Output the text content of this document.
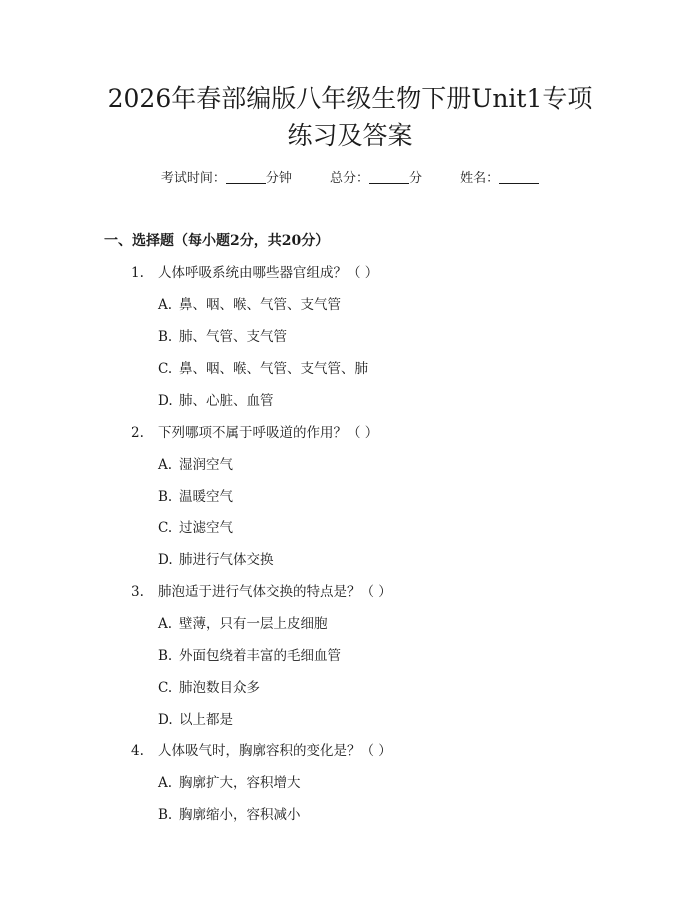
2026年春部编版八年级生物下册Unit1专项
练习及答案
考试时间：	分钟	总分：	分	姓名：
一、选择题（每小题2分，共20分）
1. 人体呼吸系统由哪些器官组成？（ ）
A. 鼻、咽、喉、气管、支气管
B. 肺、气管、支气管
C. 鼻、咽、喉、气管、支气管、肺
D. 肺、心脏、血管
2. 下列哪项不属于呼吸道的作用？（ ）
A. 湿润空气
B. 温暖空气
C. 过滤空气
D. 肺进行气体交换
3. 肺泡适于进行气体交换的特点是？（ ）
A. 壁薄，只有一层上皮细胞
B. 外面包绕着丰富的毛细血管
C. 肺泡数目众多
D. 以上都是
4. 人体吸气时，胸廓容积的变化是？（ ）
A. 胸廓扩大，容积增大
B. 胸廓缩小，容积减小
